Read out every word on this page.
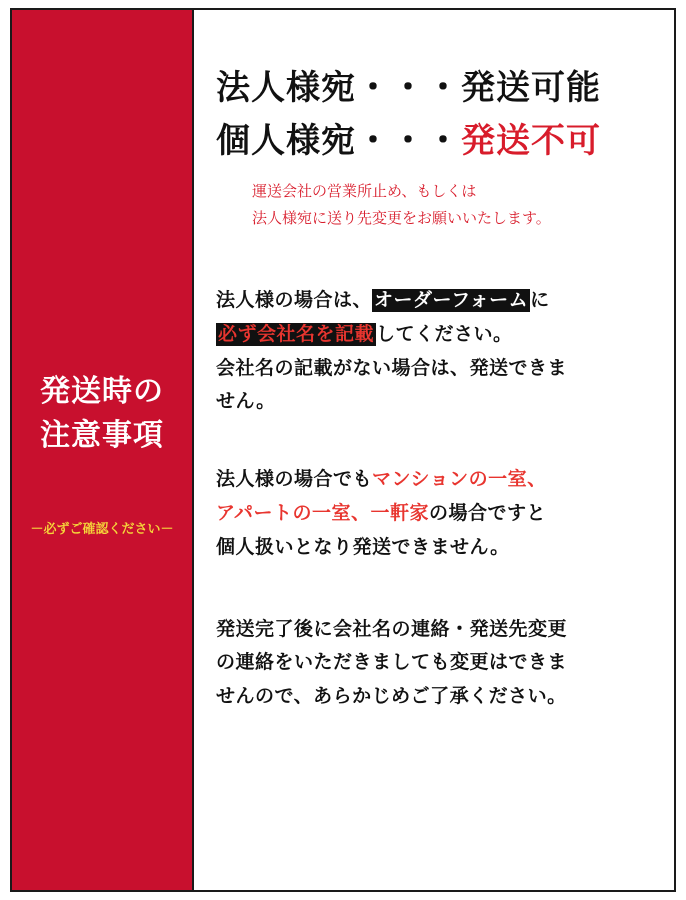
発送時の
注意事項
－必ずご確認ください－
法人様宛・・・発送可能
個人様宛・・・発送不可
運送会社の営業所止め、もしくは
法人様宛に送り先変更をお願いいたします。
法人様の場合は、 オーダーフォーム に
必ず会社名を記載 してください。
会社名の記載がない場合は、発送できま
せん。
法人様の場合でもマンションの一室、
アパートの一室、一軒家の場合ですと
個人扱いとなり発送できません。
発送完了後に会社名の連絡・発送先変更
の連絡をいただきましても変更はできま
せんので、あらかじめご了承ください。
